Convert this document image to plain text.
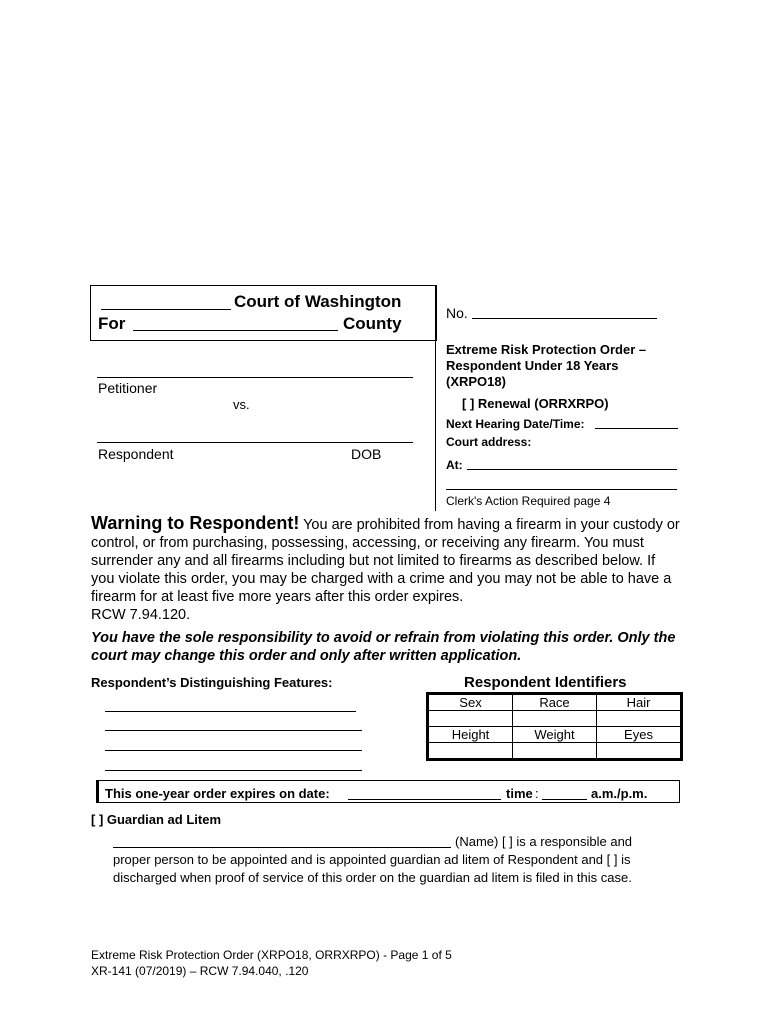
Court of Washington
For	County
Petitioner
vs.
Respondent	DOB
No.
Extreme Risk Protection Order – Respondent Under 18 Years (XRPO18)
[ ] Renewal (ORRXRPO)
Next Hearing Date/Time:
Court address:
At:
Clerk's Action Required page 4
Warning to Respondent! You are prohibited from having a firearm in your custody or control, or from purchasing, possessing, accessing, or receiving any firearm. You must surrender any and all firearms including but not limited to firearms as described below. If you violate this order, you may be charged with a crime and you may not be able to have a firearm for at least five more years after this order expires.
RCW 7.94.120.
You have the sole responsibility to avoid or refrain from violating this order. Only the court may change this order and only after written application.
Respondent’s Distinguishing Features:	Respondent Identifiers
Sex	Race	Hair

Height	Weight	Eyes

This one-year order expires on date:	time :	a.m./p.m.
[ ] Guardian ad Litem
(Name) [ ] is a responsible and
proper person to be appointed and is appointed guardian ad litem of Respondent and [ ] is
discharged when proof of service of this order on the guardian ad litem is filed in this case.
Extreme Risk Protection Order (XRPO18, ORRXRPO) - Page 1 of 5
XR-141 (07/2019) – RCW 7.94.040, .120
